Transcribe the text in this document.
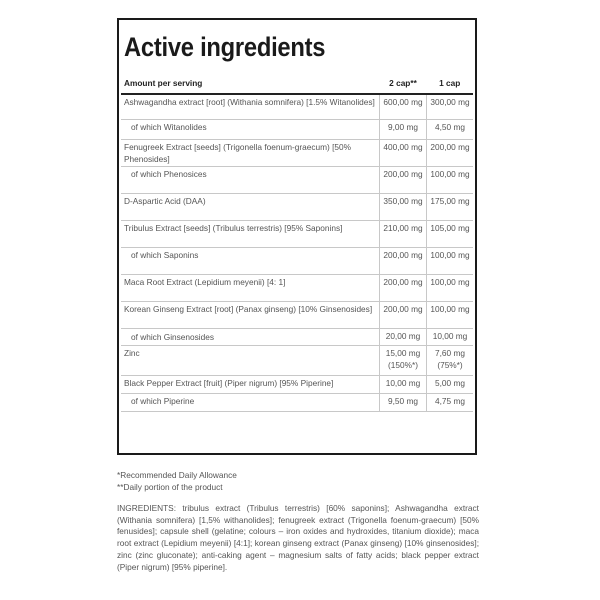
Active ingredients
Amount per serving	2 cap**	1 cap
Ashwagandha extract [root] (Withania somnifera) [1.5% Witanolides]	600,00 mg	300,00 mg
of which Witanolides	9,00 mg	4,50 mg
Fenugreek Extract [seeds] (Trigonella foenum-graecum) [50% Phenosides]	400,00 mg	200,00 mg
of which Phenosices	200,00 mg	100,00 mg
D-Aspartic Acid (DAA)	350,00 mg	175,00 mg
Tribulus Extract [seeds] (Tribulus terrestris) [95% Saponins]	210,00 mg	105,00 mg
of which Saponins	200,00 mg	100,00 mg
Maca Root Extract (Lepidium meyenii) [4: 1]	200,00 mg	100,00 mg
Korean Ginseng Extract [root] (Panax ginseng) [10% Ginsenosides]	200,00 mg	100,00 mg
of which Ginsenosides	20,00 mg	10,00 mg
Zinc	15,00 mg (150%*)	7,60 mg (75%*)
Black Pepper Extract [fruit] (Piper nigrum) [95% Piperine]	10,00 mg	5,00 mg
of which Piperine	9,50 mg	4,75 mg
*Recommended Daily Allowance
**Daily portion of the product
INGREDIENTS: tribulus extract (Tribulus terrestris) [60% saponins]; Ashwagandha extract (Withania somnifera) [1,5% withanolides]; fenugreek extract (Trigonella foenum-graecum) [50% fenusides]; capsule shell (gelatine; colours – iron oxides and hydroxides, titanium dioxide); maca root extract (Lepidium meyenii) [4:1]; korean ginseng extract (Panax ginseng) [10% ginsenosides]; zinc (zinc gluconate); anti-caking agent – magnesium salts of fatty acids; black pepper extract (Piper nigrum) [95% piperine].
